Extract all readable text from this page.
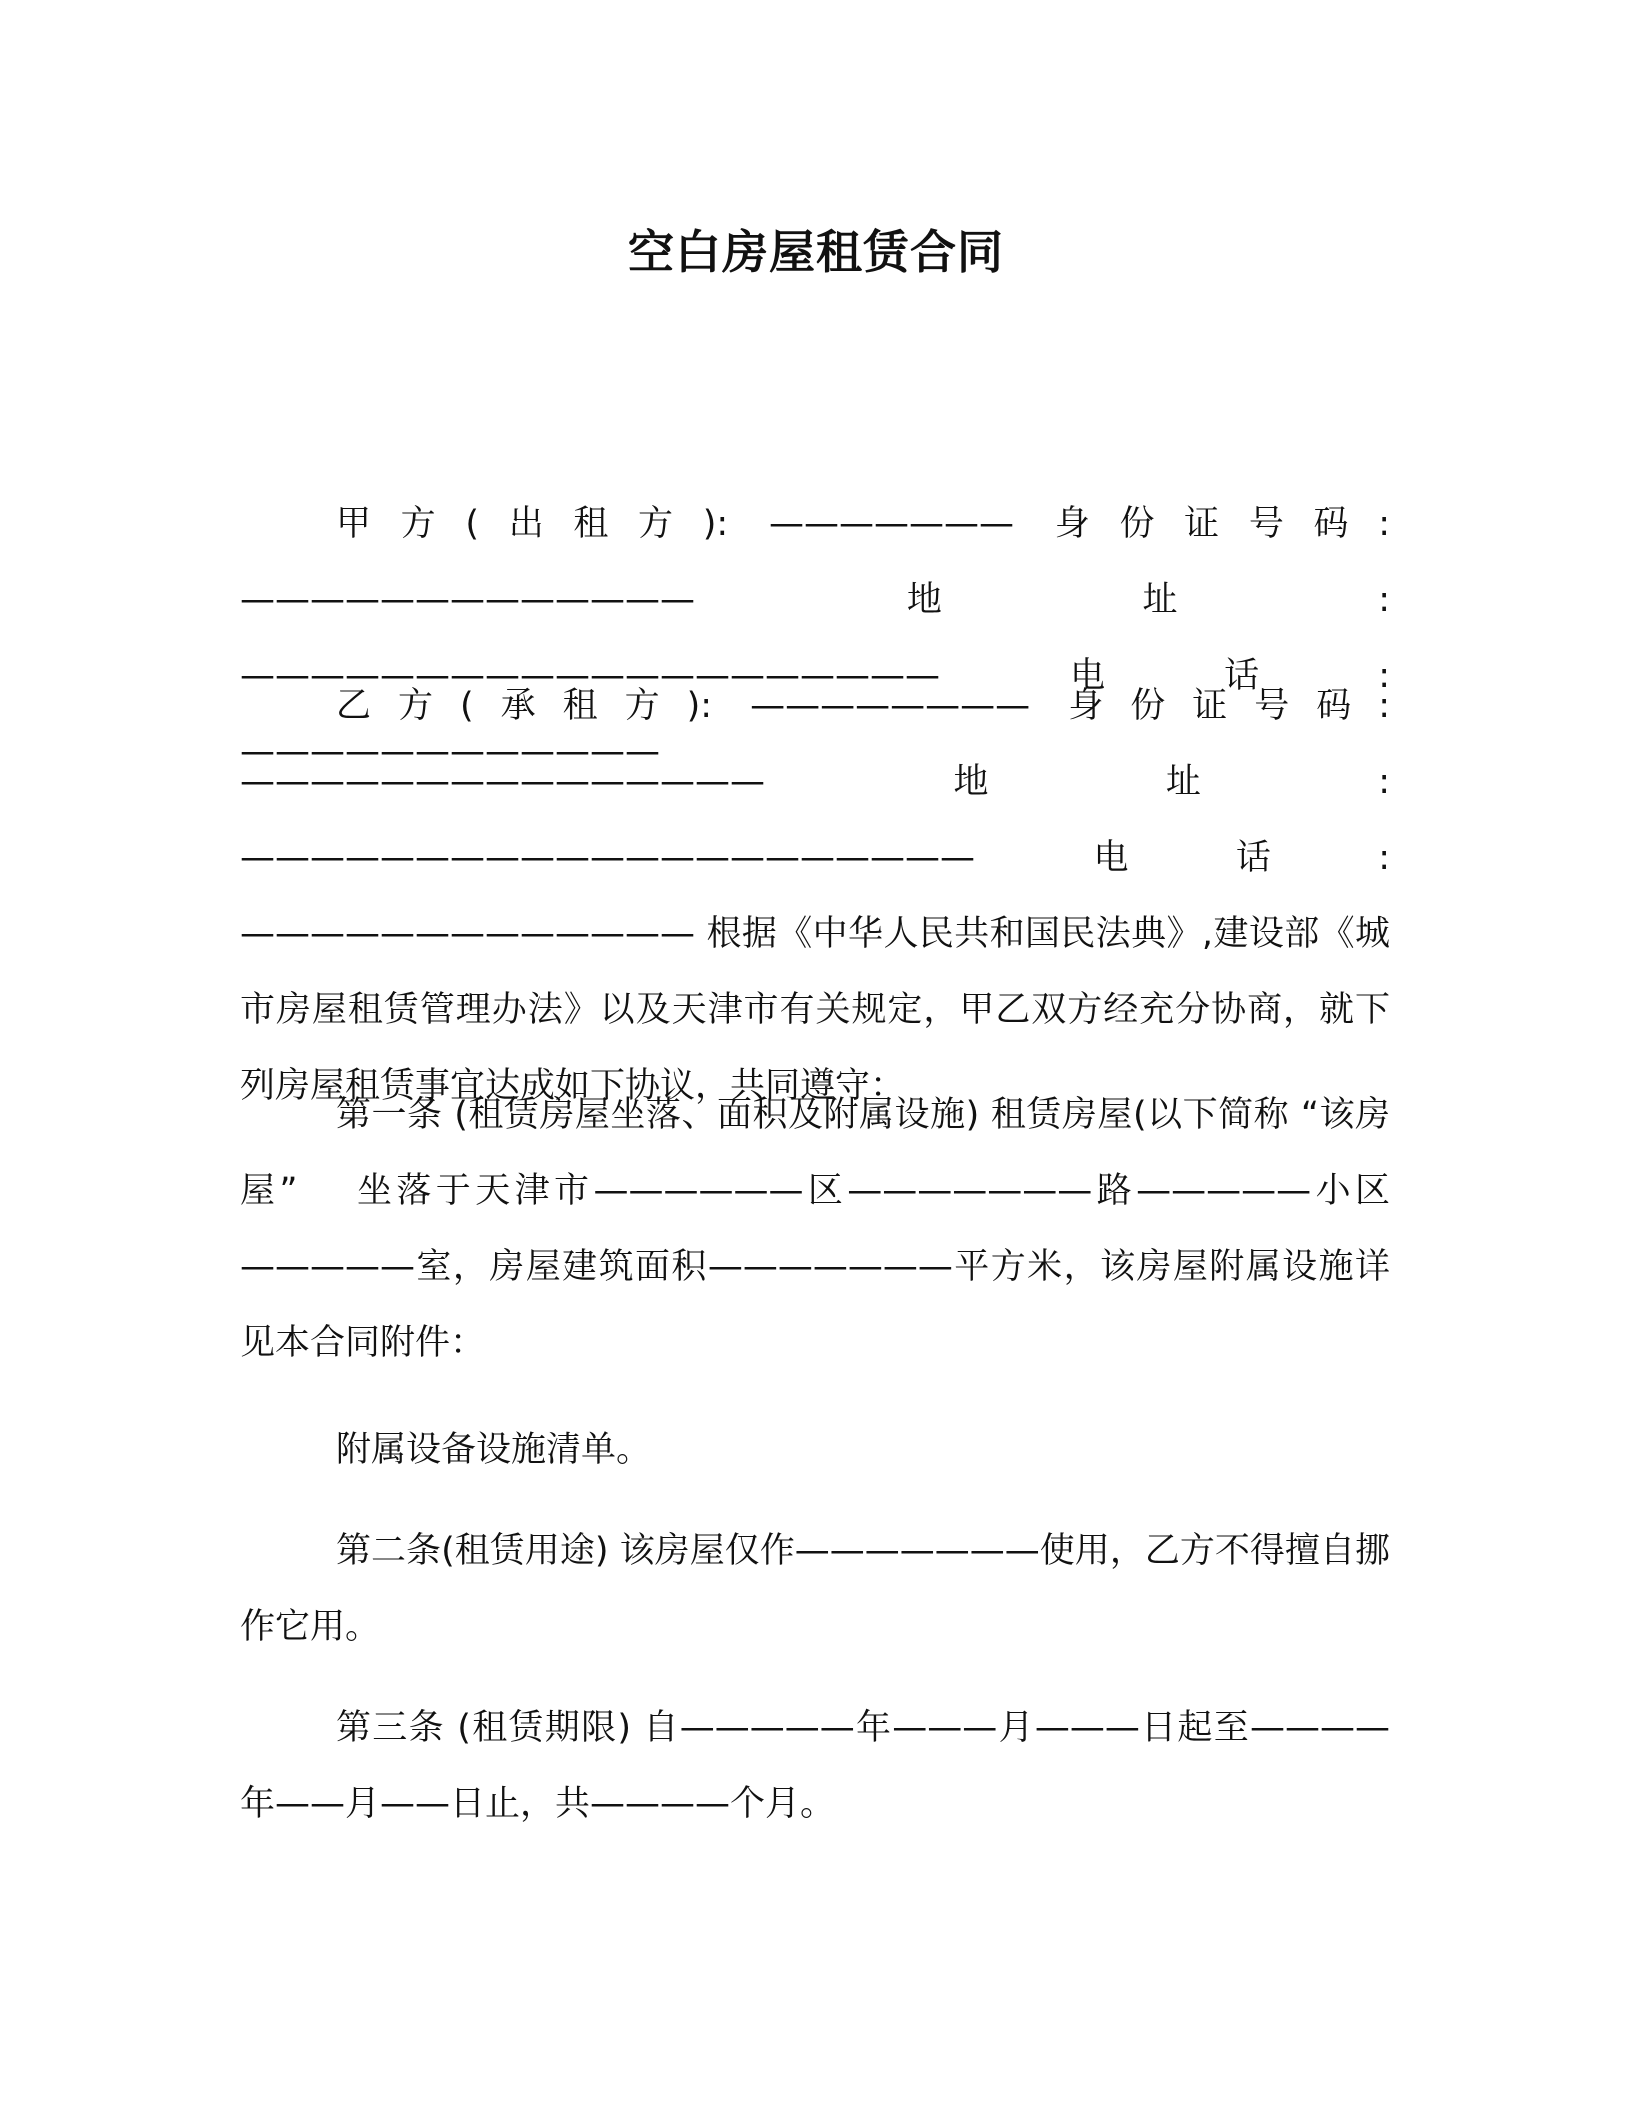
空白房屋租赁合同

甲方(出租方): ——————— 身份证号码: ————————————— 地址: ———————————————————— 电话: ————————————

乙方(承租方): ———————— 身份证号码: ——————————————— 地址: ————————————————————— 电话: ————————————— 根据《中华人民共和国民法典》,建设部《城市房屋租赁管理办法》以及天津市有关规定，甲乙双方经充分协商，就下列房屋租赁事宜达成如下协议，共同遵守：

第一条 (租赁房屋坐落、面积及附属设施) 租赁房屋(以下简称 “该房屋”　 坐落于天津市——————区———————路—————小区—————室，房屋建筑面积———————平方米，该房屋附属设施详见本合同附件：

附属设备设施清单。

第二条(租赁用途) 该房屋仅作———————使用，乙方不得擅自挪作它用。

第三条 (租赁期限) 自—————年———月———日起至————年——月——日止，共————个月。
